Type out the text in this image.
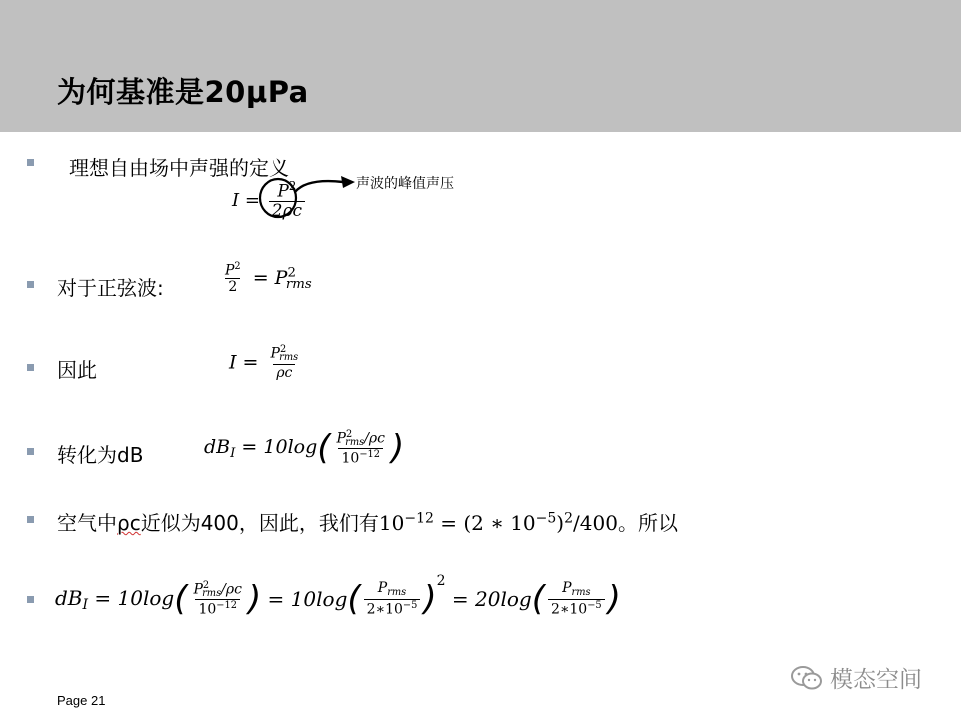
为何基准是20μPa
理想自由场中声强的定义
$I = \frac{P^2}{2\rho c}$	声波的峰值声压
对于正弦波:	$\frac{P^2}{2} = P^2_{rms}$
因此	$I = \frac{P^2_{rms}}{\rho c}$
转化为dB	$dB_I = 10\log( \frac{P^2_{rms}/\rho c}{10^{-12}}$ )
空气中ρc近似为400，因此，我们有$10^{-12} = (2$ ∗ $10^{-5})^2/400$。所以
$dB_I = 10\log( \frac{P^2_{rms}/\rho c}{10^{-12}}$ ) = $10\log( \frac{P_{rms}}{2∗10^{-5}} )^2 = 20\log( \frac{P_{rms}}{2∗10^{-5}}$ )
Page 21
模态空间
